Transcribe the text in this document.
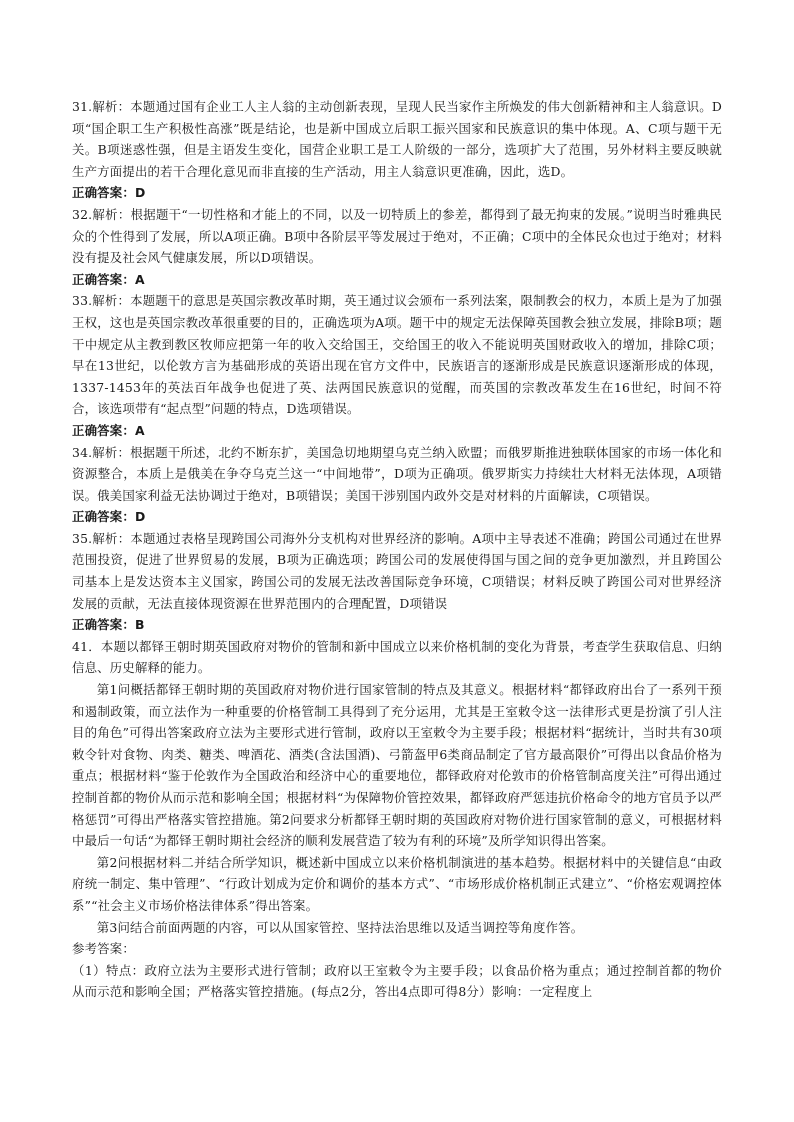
31.解析：本题通过国有企业工人主人翁的主动创新表现，呈现人民当家作主所焕发的伟大创新精神和主人翁意识。D项“国企职工生产积极性高涨”既是结论，也是新中国成立后职工振兴国家和民族意识的集中体现。A、C项与题干无关。B项迷惑性强，但是主语发生变化，国营企业职工是工人阶级的一部分，选项扩大了范围，另外材料主要反映就生产方面提出的若干合理化意见而非直接的生产活动，用主人翁意识更准确，因此，选D。

正确答案：D

32.解析：根据题干“一切性格和才能上的不同，以及一切特质上的参差，都得到了最无拘束的发展。”说明当时雅典民众的个性得到了发展，所以A项正确。B项中各阶层平等发展过于绝对，不正确；C项中的全体民众也过于绝对；材料没有提及社会风气健康发展，所以D项错误。

正确答案：A

33.解析：本题题干的意思是英国宗教改革时期，英王通过议会颁布一系列法案，限制教会的权力，本质上是为了加强王权，这也是英国宗教改革很重要的目的，正确选项为A项。题干中的规定无法保障英国教会独立发展，排除B项；题干中规定从主教到教区牧师应把第一年的收入交给国王，交给国王的收入不能说明英国财政收入的增加，排除C项；早在13世纪，以伦敦方言为基础形成的英语出现在官方文件中，民族语言的逐渐形成是民族意识逐渐形成的体现，1337-1453年的英法百年战争也促进了英、法两国民族意识的觉醒，而英国的宗教改革发生在16世纪，时间不符合，该选项带有“起点型”问题的特点，D选项错误。

正确答案：A

34.解析：根据题干所述，北约不断东扩，美国急切地期望乌克兰纳入欧盟；而俄罗斯推进独联体国家的市场一体化和资源整合，本质上是俄美在争夺乌克兰这一“中间地带”，D项为正确项。俄罗斯实力持续壮大材料无法体现，A项错误。俄美国家利益无法协调过于绝对，B项错误；美国干涉别国内政外交是对材料的片面解读，C项错误。

正确答案：D

35.解析：本题通过表格呈现跨国公司海外分支机构对世界经济的影响。A项中主导表述不准确；跨国公司通过在世界范围投资，促进了世界贸易的发展，B项为正确选项；跨国公司的发展使得国与国之间的竞争更加激烈，并且跨国公司基本上是发达资本主义国家，跨国公司的发展无法改善国际竞争环境，C项错误；材料反映了跨国公司对世界经济发展的贡献，无法直接体现资源在世界范围内的合理配置，D项错误

正确答案：B

41．本题以都铎王朝时期英国政府对物价的管制和新中国成立以来价格机制的变化为背景，考查学生获取信息、归纳信息、历史解释的能力。

第1问概括都铎王朝时期的英国政府对物价进行国家管制的特点及其意义。根据材料“都铎政府出台了一系列干预和遏制政策，而立法作为一种重要的价格管制工具得到了充分运用，尤其是王室敕令这一法律形式更是扮演了引人注目的角色”可得出答案政府立法为主要形式进行管制，政府以王室敕令为主要手段；根据材料“据统计，当时共有30项敕令针对食物、肉类、糖类、啤酒花、酒类(含法国酒)、弓箭盔甲6类商品制定了官方最高限价”可得出以食品价格为重点；根据材料“鉴于伦敦作为全国政治和经济中心的重要地位，都铎政府对伦敦市的价格管制高度关注”可得出通过控制首都的物价从而示范和影响全国；根据材料“为保障物价管控效果，都铎政府严惩违抗价格命令的地方官员予以严格惩罚”可得出严格落实管控措施。第2问要求分析都铎王朝时期的英国政府对物价进行国家管制的意义，可根据材料中最后一句话“为都铎王朝时期社会经济的顺利发展营造了较为有利的环境”及所学知识得出答案。

第2问根据材料二并结合所学知识，概述新中国成立以来价格机制演进的基本趋势。根据材料中的关键信息“由政府统一制定、集中管理”、“行政计划成为定价和调价的基本方式”、“市场形成价格机制正式建立”、“价格宏观调控体系”“社会主义市场价格法律体系”得出答案。

第3问结合前面两题的内容，可以从国家管控、坚持法治思维以及适当调控等角度作答。

参考答案：

（1）特点：政府立法为主要形式进行管制；政府以王室敕令为主要手段；以食品价格为重点；通过控制首都的物价从而示范和影响全国；严格落实管控措施。(每点2分，答出4点即可得8分）影响：一定程度上
